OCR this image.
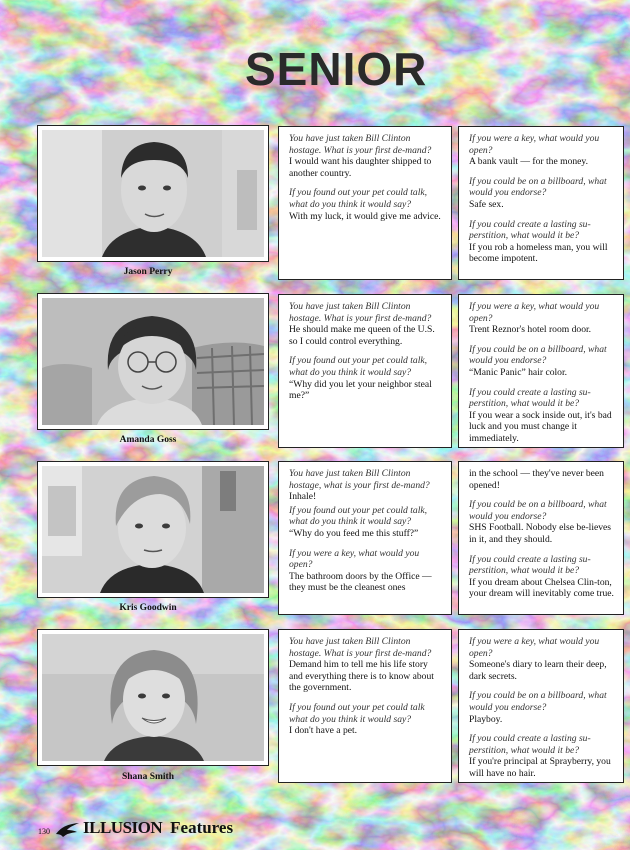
SENIOR
Jason Perry
You have just taken Bill Clinton hostage. What is your first de-mand?
I would want his daughter shipped to another country.
If you found out your pet could talk, what do you think it would say?
With my luck, it would give me advice.
If you were a key, what would you open?
A bank vault — for the money.
If you could be on a billboard, what would you endorse?
Safe sex.
If you could create a lasting su-perstition, what would it be?
If you rob a homeless man, you will become impotent.
Amanda Goss
You have just taken Bill Clinton hostage. What is your first de-mand?
He should make me queen of the U.S. so I could control everything.
If you found out your pet could talk, what do you think it would say?
“Why did you let your neighbor steal me?”
If you were a key, what would you open?
Trent Reznor's hotel room door.
If you could be on a billboard, what would you endorse?
“Manic Panic” hair color.
If you could create a lasting su-perstition, what would it be?
If you wear a sock inside out, it's bad luck and you must change it immediately.
Kris Goodwin
You have just taken Bill Clinton hostage, what is your first de-mand?
Inhale!
If you found out your pet could talk, what do you think it would say?
“Why do you feed me this stuff?”
If you were a key, what would you open?
The bathroom doors by the Office — they must be the cleanest ones
in the school — they've never been opened!
If you could be on a billboard, what would you endorse?
SHS Football. Nobody else be-lieves in it, and they should.
If you could create a lasting su-perstition, what would it be?
If you dream about Chelsea Clin-ton, your dream will inevitably come true.
Shana Smith
You have just taken Bill Clinton hostage. What is your first de-mand?
Demand him to tell me his life story and everything there is to know about the government.
If you found out your pet could talk what do you think it would say?
I don't have a pet.
If you were a key, what would you open?
Someone's diary to learn their deep, dark secrets.
If you could be on a billboard, what would you endorse?
Playboy.
If you could create a lasting su-perstition, what would it be?
If you're principal at Sprayberry, you will have no hair.
130 ILLUSION Features
